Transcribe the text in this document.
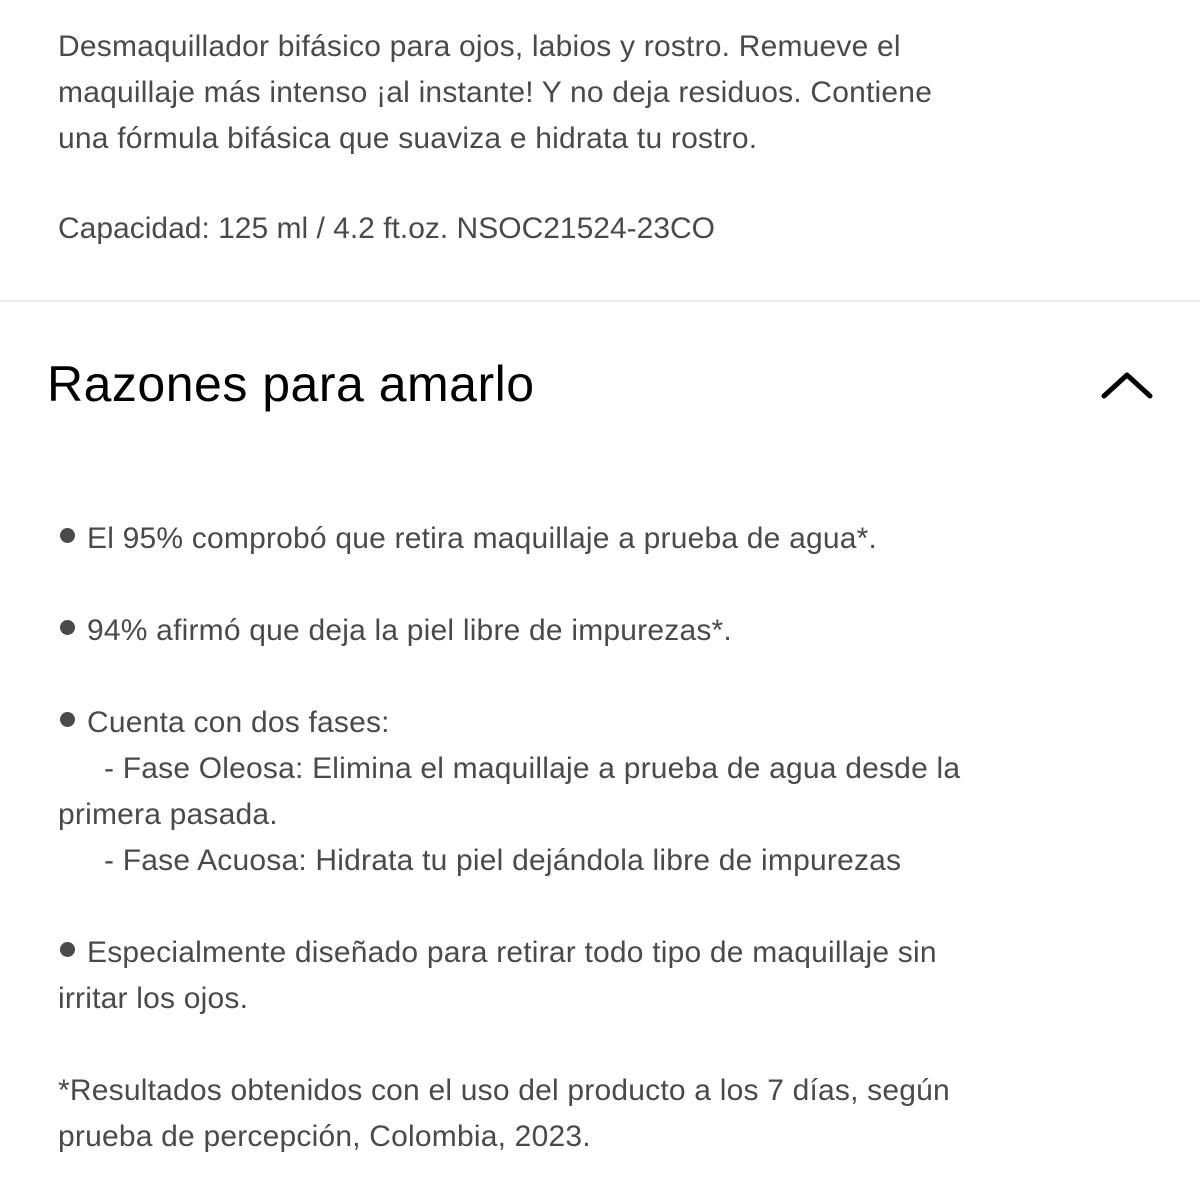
Desmaquillador bifásico para ojos, labios y rostro. Remueve el

maquillaje más intenso ¡al instante! Y no deja residuos. Contiene

una fórmula bifásica que suaviza e hidrata tu rostro.

Capacidad: 125 ml / 4.2 ft.oz. NSOC21524-23CO

Razones para amarlo
El 95% comprobó que retira maquillaje a prueba de agua*.
94% afirmó que deja la piel libre de impurezas*.
Cuenta con dos fases:
- Fase Oleosa: Elimina el maquillaje a prueba de agua desde la
primera pasada.
- Fase Acuosa: Hidrata tu piel dejándola libre de impurezas
Especialmente diseñado para retirar todo tipo de maquillaje sin
irritar los ojos.
*Resultados obtenidos con el uso del producto a los 7 días, según
prueba de percepción, Colombia, 2023.
